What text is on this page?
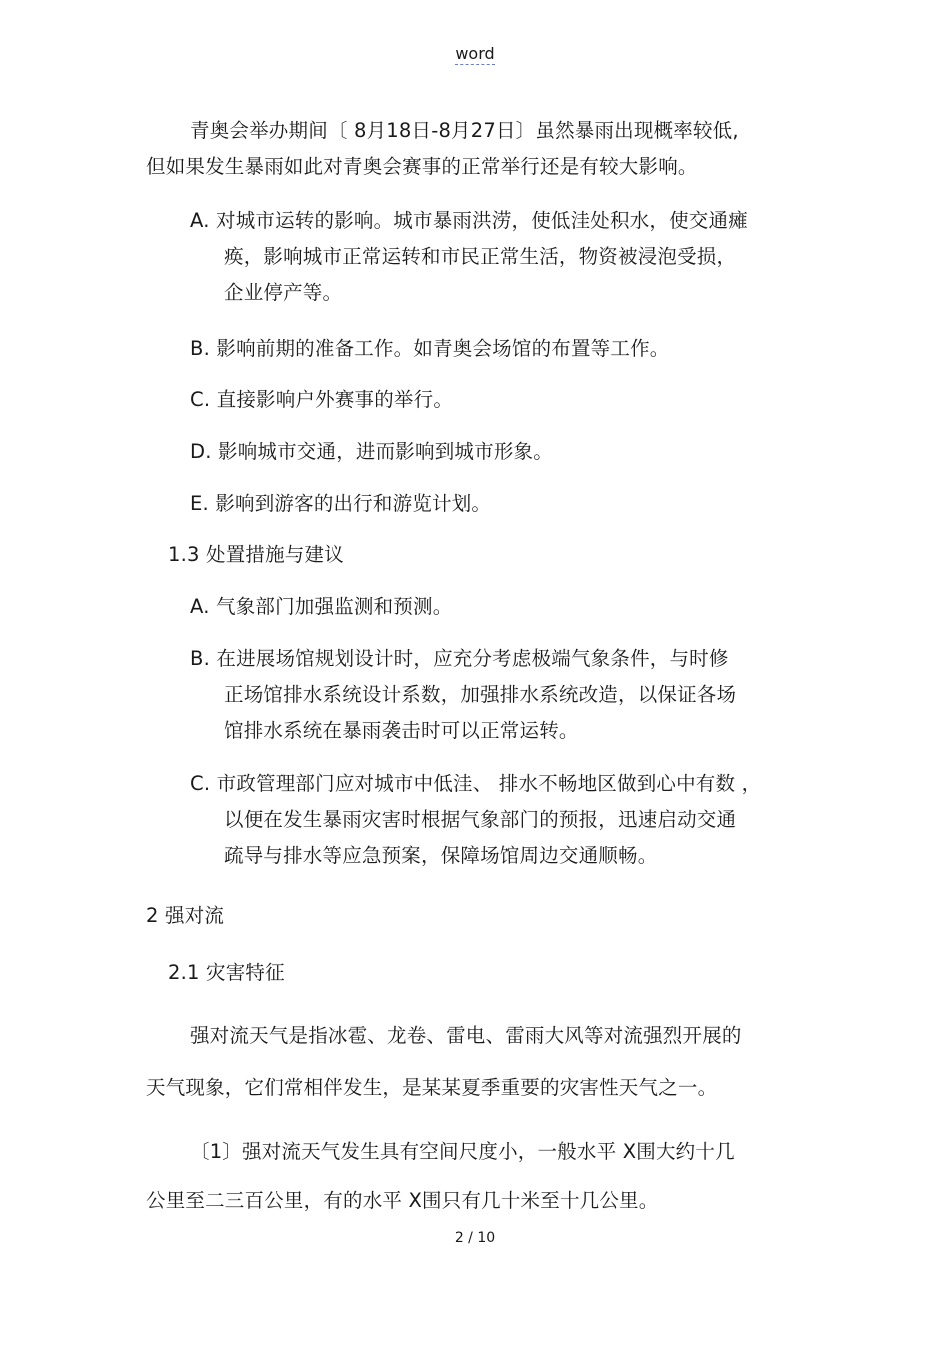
word

青奥会举办期间〔 8月18日-8月27日〕虽然暴雨出现概率较低,

但如果发生暴雨如此对青奥会赛事的正常举行还是有较大影响。

A. 对城市运转的影响。城市暴雨洪涝，使低洼处积水，使交通瘫

痪，影响城市正常运转和市民正常生活，物资被浸泡受损，

企业停产等。

B. 影响前期的准备工作。如青奥会场馆的布置等工作。

C. 直接影响户外赛事的举行。

D. 影响城市交通，进而影响到城市形象。

E. 影响到游客的出行和游览计划。

1.3 处置措施与建议

A. 气象部门加强监测和预测。

B. 在进展场馆规划设计时，应充分考虑极端气象条件，与时修

正场馆排水系统设计系数，加强排水系统改造，以保证各场

馆排水系统在暴雨袭击时可以正常运转。

C. 市政管理部门应对城市中低洼、 排水不畅地区做到心中有数 ，

以便在发生暴雨灾害时根据气象部门的预报，迅速启动交通

疏导与排水等应急预案，保障场馆周边交通顺畅。

2 强对流

2.1 灾害特征

强对流天气是指冰雹、龙卷、雷电、雷雨大风等对流强烈开展的

天气现象，它们常相伴发生，是某某夏季重要的灾害性天气之一。

〔1〕强对流天气发生具有空间尺度小，一般水平 X围大约十几

公里至二三百公里，有的水平 X围只有几十米至十几公里。

2 / 10
